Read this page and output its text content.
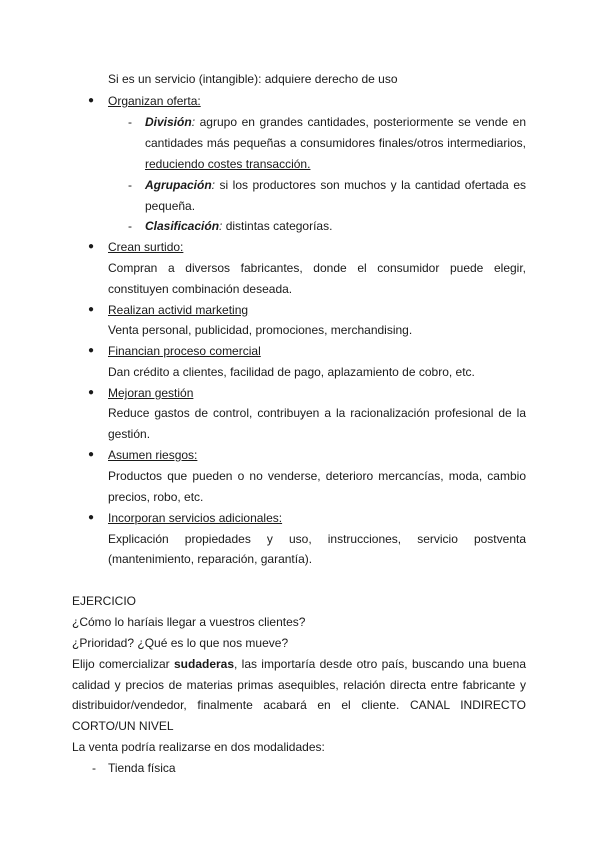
Si es un servicio (intangible): adquiere derecho de uso
● Organizan oferta:
- División: agrupo en grandes cantidades, posteriormente se vende en
cantidades más pequeñas a consumidores finales/otros intermediarios,
reduciendo costes transacción.
- Agrupación: si los productores son muchos y la cantidad ofertada es
pequeña.
- Clasificación: distintas categorías.
● Crean surtido:
Compran a diversos fabricantes, donde el consumidor puede elegir,
constituyen combinación deseada.
● Realizan activid marketing
Venta personal, publicidad, promociones, merchandising.
● Financian proceso comercial
Dan crédito a clientes, facilidad de pago, aplazamiento de cobro, etc.
● Mejoran gestión
Reduce gastos de control, contribuyen a la racionalización profesional de la
gestión.
● Asumen riesgos:
Productos que pueden o no venderse, deterioro mercancías, moda, cambio
precios, robo, etc.
● Incorporan servicios adicionales:
Explicación propiedades y uso, instrucciones, servicio postventa
(mantenimiento, reparación, garantía).
EJERCICIO
¿Cómo lo haríais llegar a vuestros clientes?
¿Prioridad? ¿Qué es lo que nos mueve?
Elijo comercializar sudaderas, las importaría desde otro país, buscando una buena
calidad y precios de materias primas asequibles, relación directa entre fabricante y
distribuidor/vendedor, finalmente acabará en el cliente. CANAL INDIRECTO
CORTO/UN NIVEL
La venta podría realizarse en dos modalidades:
- Tienda física
